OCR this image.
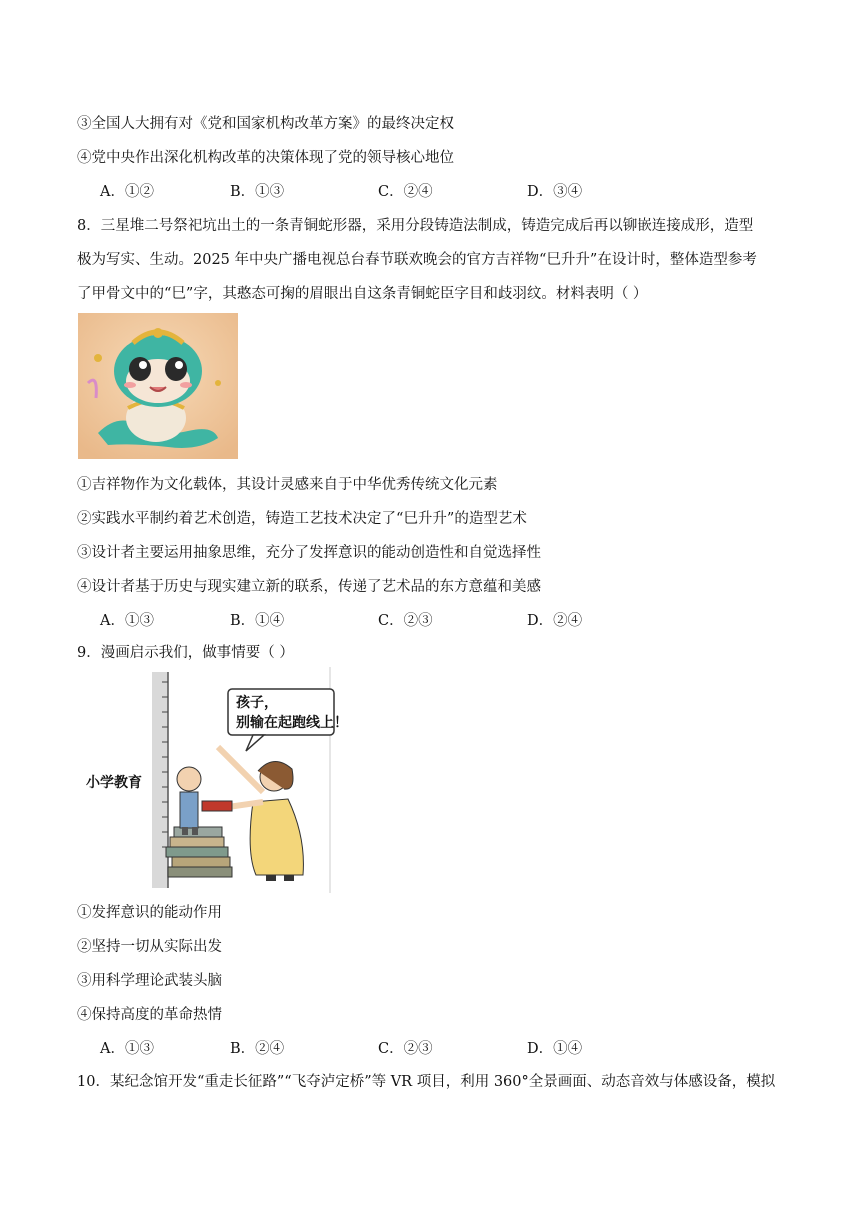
③全国人大拥有对《党和国家机构改革方案》的最终决定权
④党中央作出深化机构改革的决策体现了党的领导核心地位
A．①②	B．①③	C．②④	D．③④
8．三星堆二号祭祀坑出土的一条青铜蛇形器，采用分段铸造法制成，铸造完成后再以铆嵌连接成形，造型
极为写实、生动。2025 年中央广播电视总台春节联欢晚会的官方吉祥物“巳升升”在设计时，整体造型参考
了甲骨文中的“巳”字，其憨态可掬的眉眼出自这条青铜蛇臣字目和歧羽纹。材料表明（ ）
①吉祥物作为文化载体，其设计灵感来自于中华优秀传统文化元素
②实践水平制约着艺术创造，铸造工艺技术决定了“巳升升”的造型艺术
③设计者主要运用抽象思维，充分了发挥意识的能动创造性和自觉选择性
④设计者基于历史与现实建立新的联系，传递了艺术品的东方意蕴和美感
A．①③	B．①④	C．②③	D．②④
9．漫画启示我们，做事情要（ ）
孩子，
别输在起跑线上！
小学教育
①发挥意识的能动作用
②坚持一切从实际出发
③用科学理论武装头脑
④保持高度的革命热情
A．①③	B．②④	C．②③	D．①④
10．某纪念馆开发“重走长征路”“飞夺泸定桥”等 VR 项目，利用 360°全景画面、动态音效与体感设备，模拟
